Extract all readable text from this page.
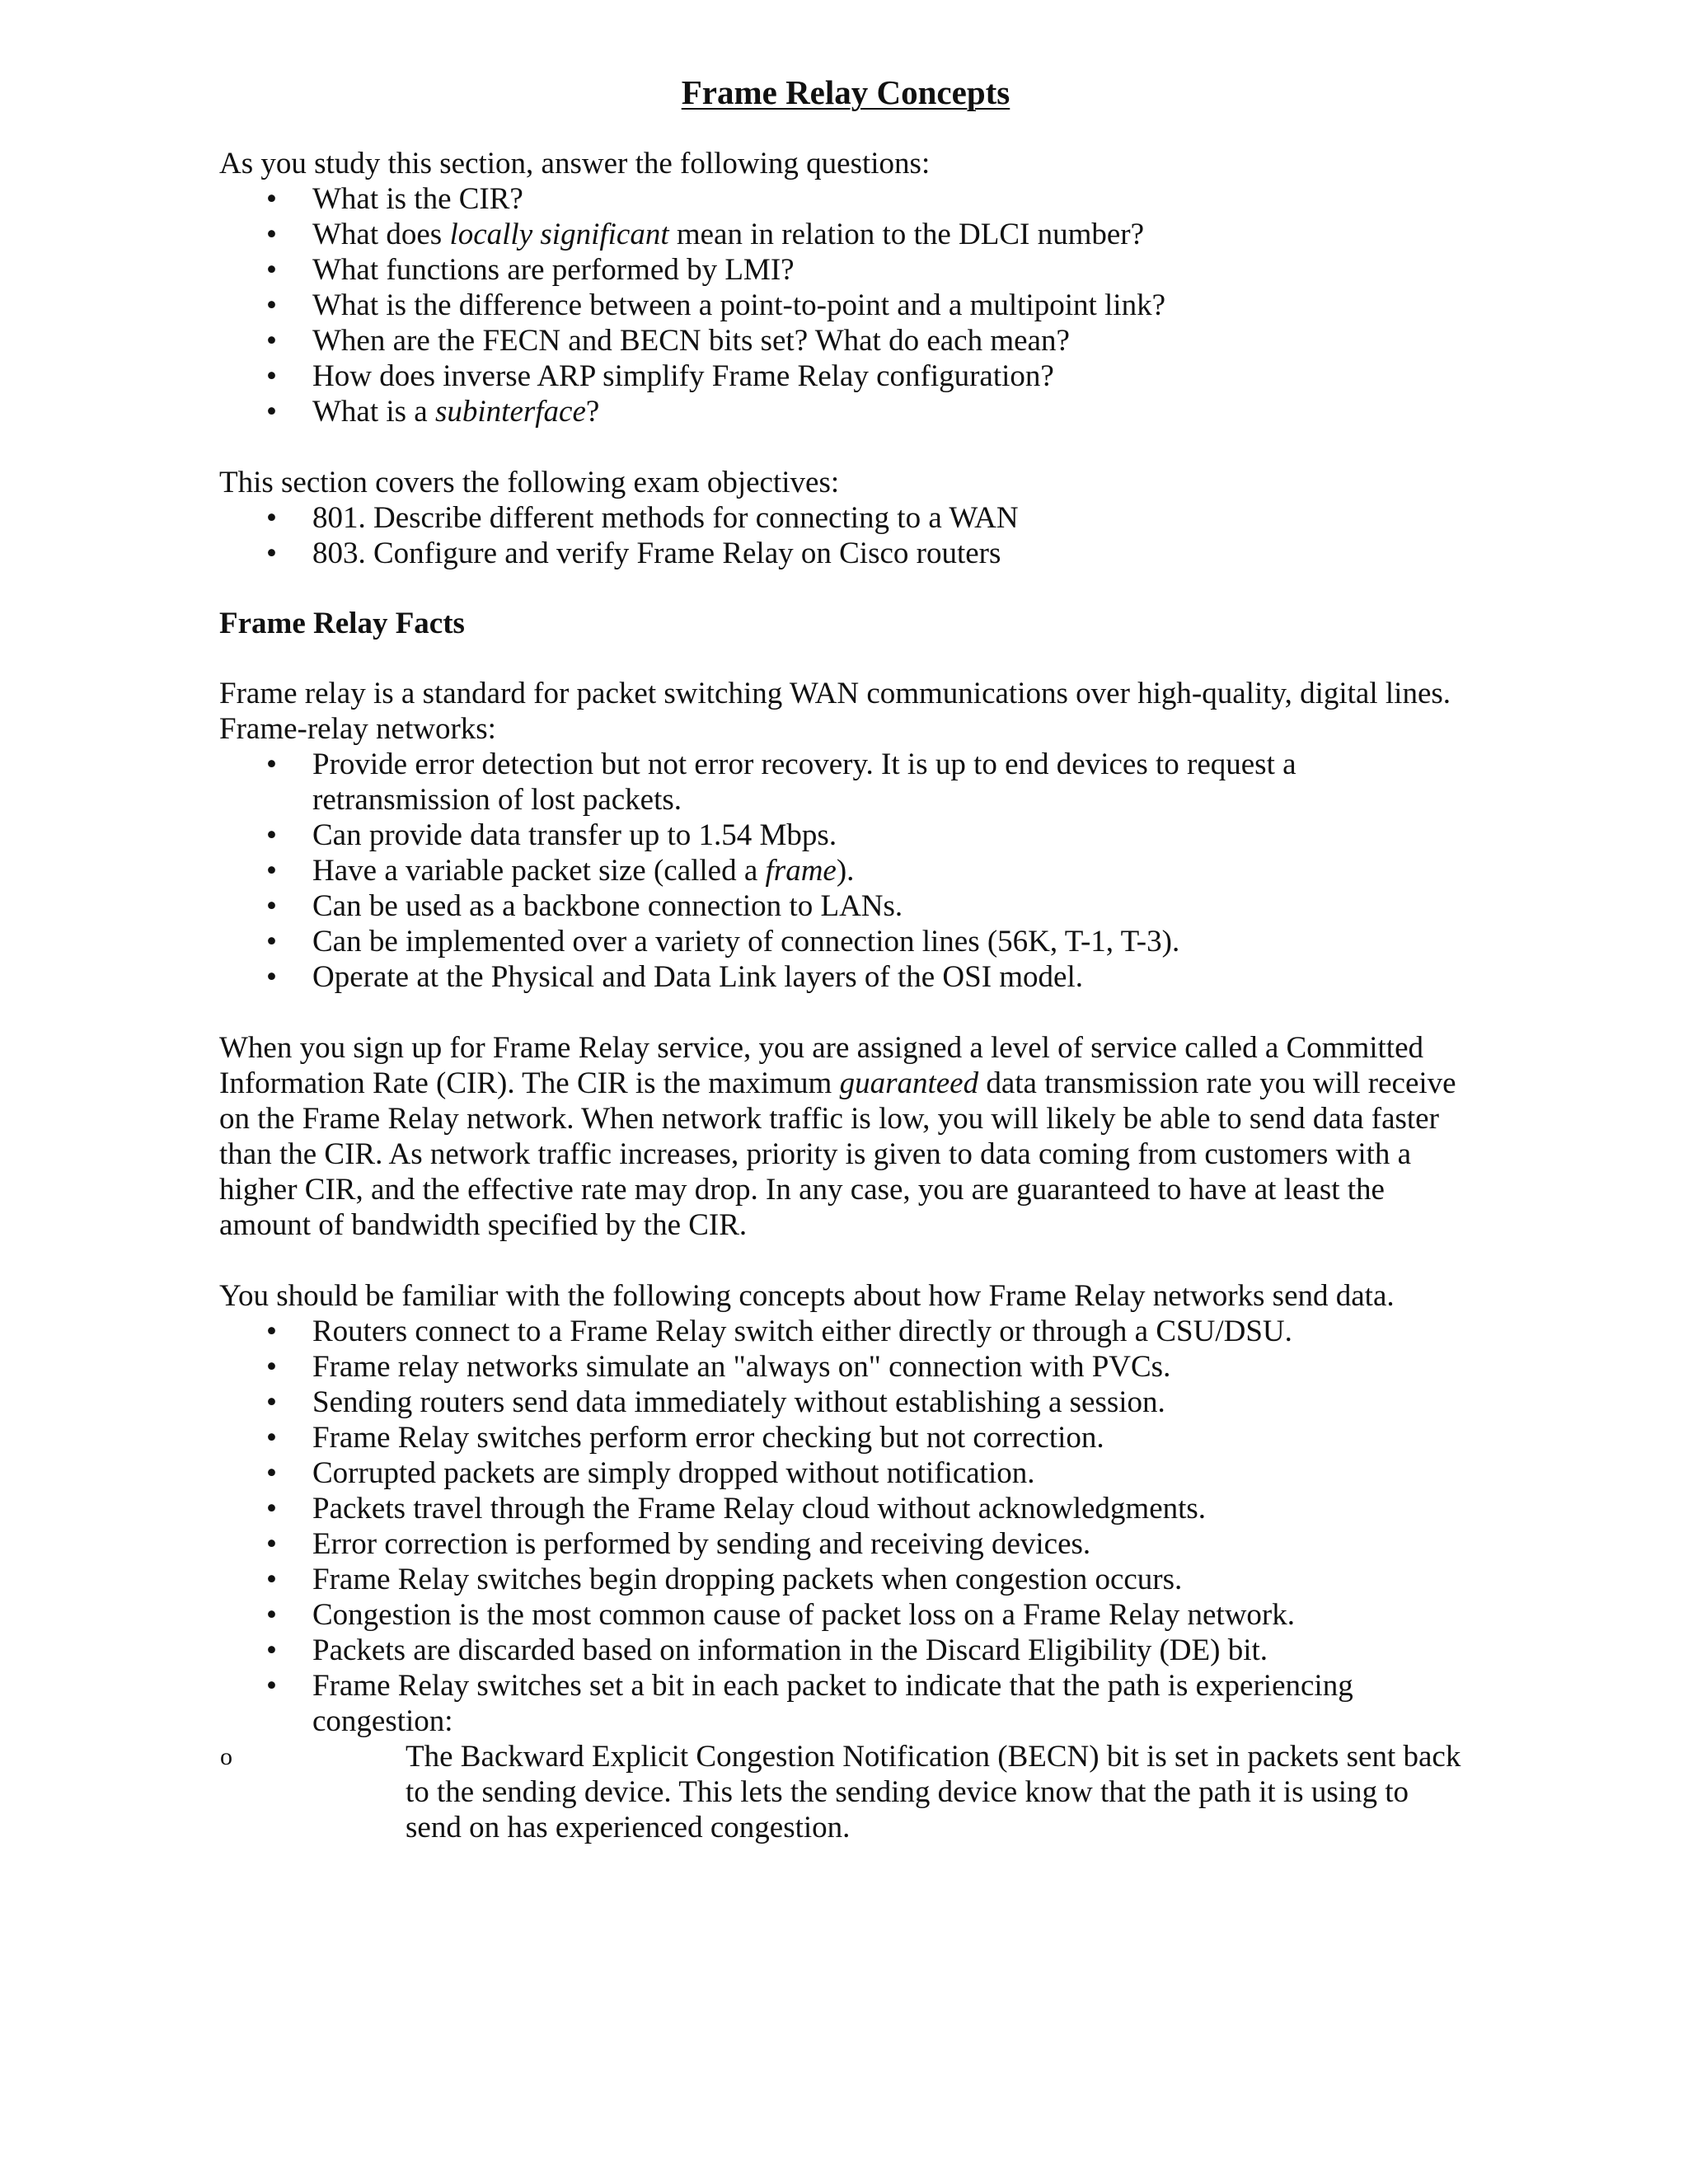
Frame Relay Concepts

As you study this section, answer the following questions:

• What is the CIR?
• What does locally significant mean in relation to the DLCI number?
• What functions are performed by LMI?
• What is the difference between a point-to-point and a multipoint link?
• When are the FECN and BECN bits set? What do each mean?
• How does inverse ARP simplify Frame Relay configuration?
• What is a subinterface?

This section covers the following exam objectives:

• 801. Describe different methods for connecting to a WAN
• 803. Configure and verify Frame Relay on Cisco routers

Frame Relay Facts

Frame relay is a standard for packet switching WAN communications over high-quality, digital lines. Frame-relay networks:

• Provide error detection but not error recovery. It is up to end devices to request a retransmission of lost packets.
• Can provide data transfer up to 1.54 Mbps.
• Have a variable packet size (called a frame).
• Can be used as a backbone connection to LANs.
• Can be implemented over a variety of connection lines (56K, T-1, T-3).
• Operate at the Physical and Data Link layers of the OSI model.

When you sign up for Frame Relay service, you are assigned a level of service called a Committed Information Rate (CIR). The CIR is the maximum guaranteed data transmission rate you will receive on the Frame Relay network. When network traffic is low, you will likely be able to send data faster than the CIR. As network traffic increases, priority is given to data coming from customers with a higher CIR, and the effective rate may drop. In any case, you are guaranteed to have at least the amount of bandwidth specified by the CIR.

You should be familiar with the following concepts about how Frame Relay networks send data.

• Routers connect to a Frame Relay switch either directly or through a CSU/DSU.
• Frame relay networks simulate an "always on" connection with PVCs.
• Sending routers send data immediately without establishing a session.
• Frame Relay switches perform error checking but not correction.
• Corrupted packets are simply dropped without notification.
• Packets travel through the Frame Relay cloud without acknowledgments.
• Error correction is performed by sending and receiving devices.
• Frame Relay switches begin dropping packets when congestion occurs.
• Congestion is the most common cause of packet loss on a Frame Relay network.
• Packets are discarded based on information in the Discard Eligibility (DE) bit.
• Frame Relay switches set a bit in each packet to indicate that the path is experiencing congestion:
o The Backward Explicit Congestion Notification (BECN) bit is set in packets sent back to the sending device. This lets the sending device know that the path it is using to send on has experienced congestion.
